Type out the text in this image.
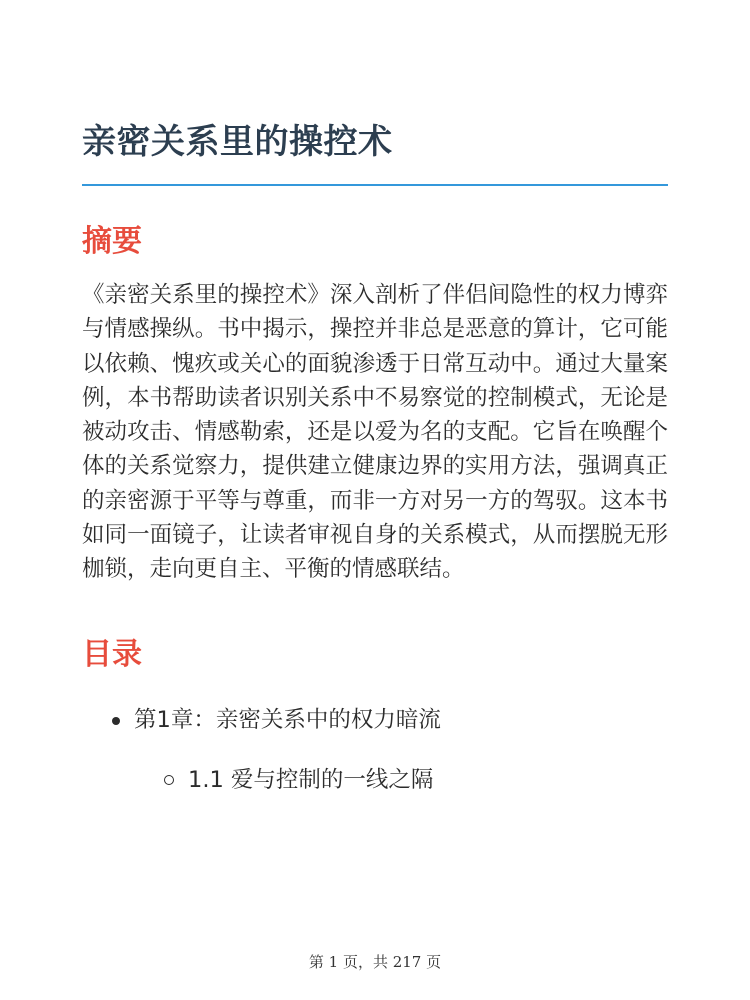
亲密关系里的操控术
摘要

《亲密关系里的操控术》深入剖析了伴侣间隐性的权力博弈与情感操纵。书中揭示，操控并非总是恶意的算计，它可能以依赖、愧疚或关心的面貌渗透于日常互动中。通过大量案例，本书帮助读者识别关系中不易察觉的控制模式，无论是被动攻击、情感勒索，还是以爱为名的支配。它旨在唤醒个体的关系觉察力，提供建立健康边界的实用方法，强调真正的亲密源于平等与尊重，而非一方对另一方的驾驭。这本书如同一面镜子，让读者审视自身的关系模式，从而摆脱无形枷锁，走向更自主、平衡的情感联结。

目录
第1章：亲密关系中的权力暗流
1.1 爱与控制的一线之隔
第 1 页，共 217 页
